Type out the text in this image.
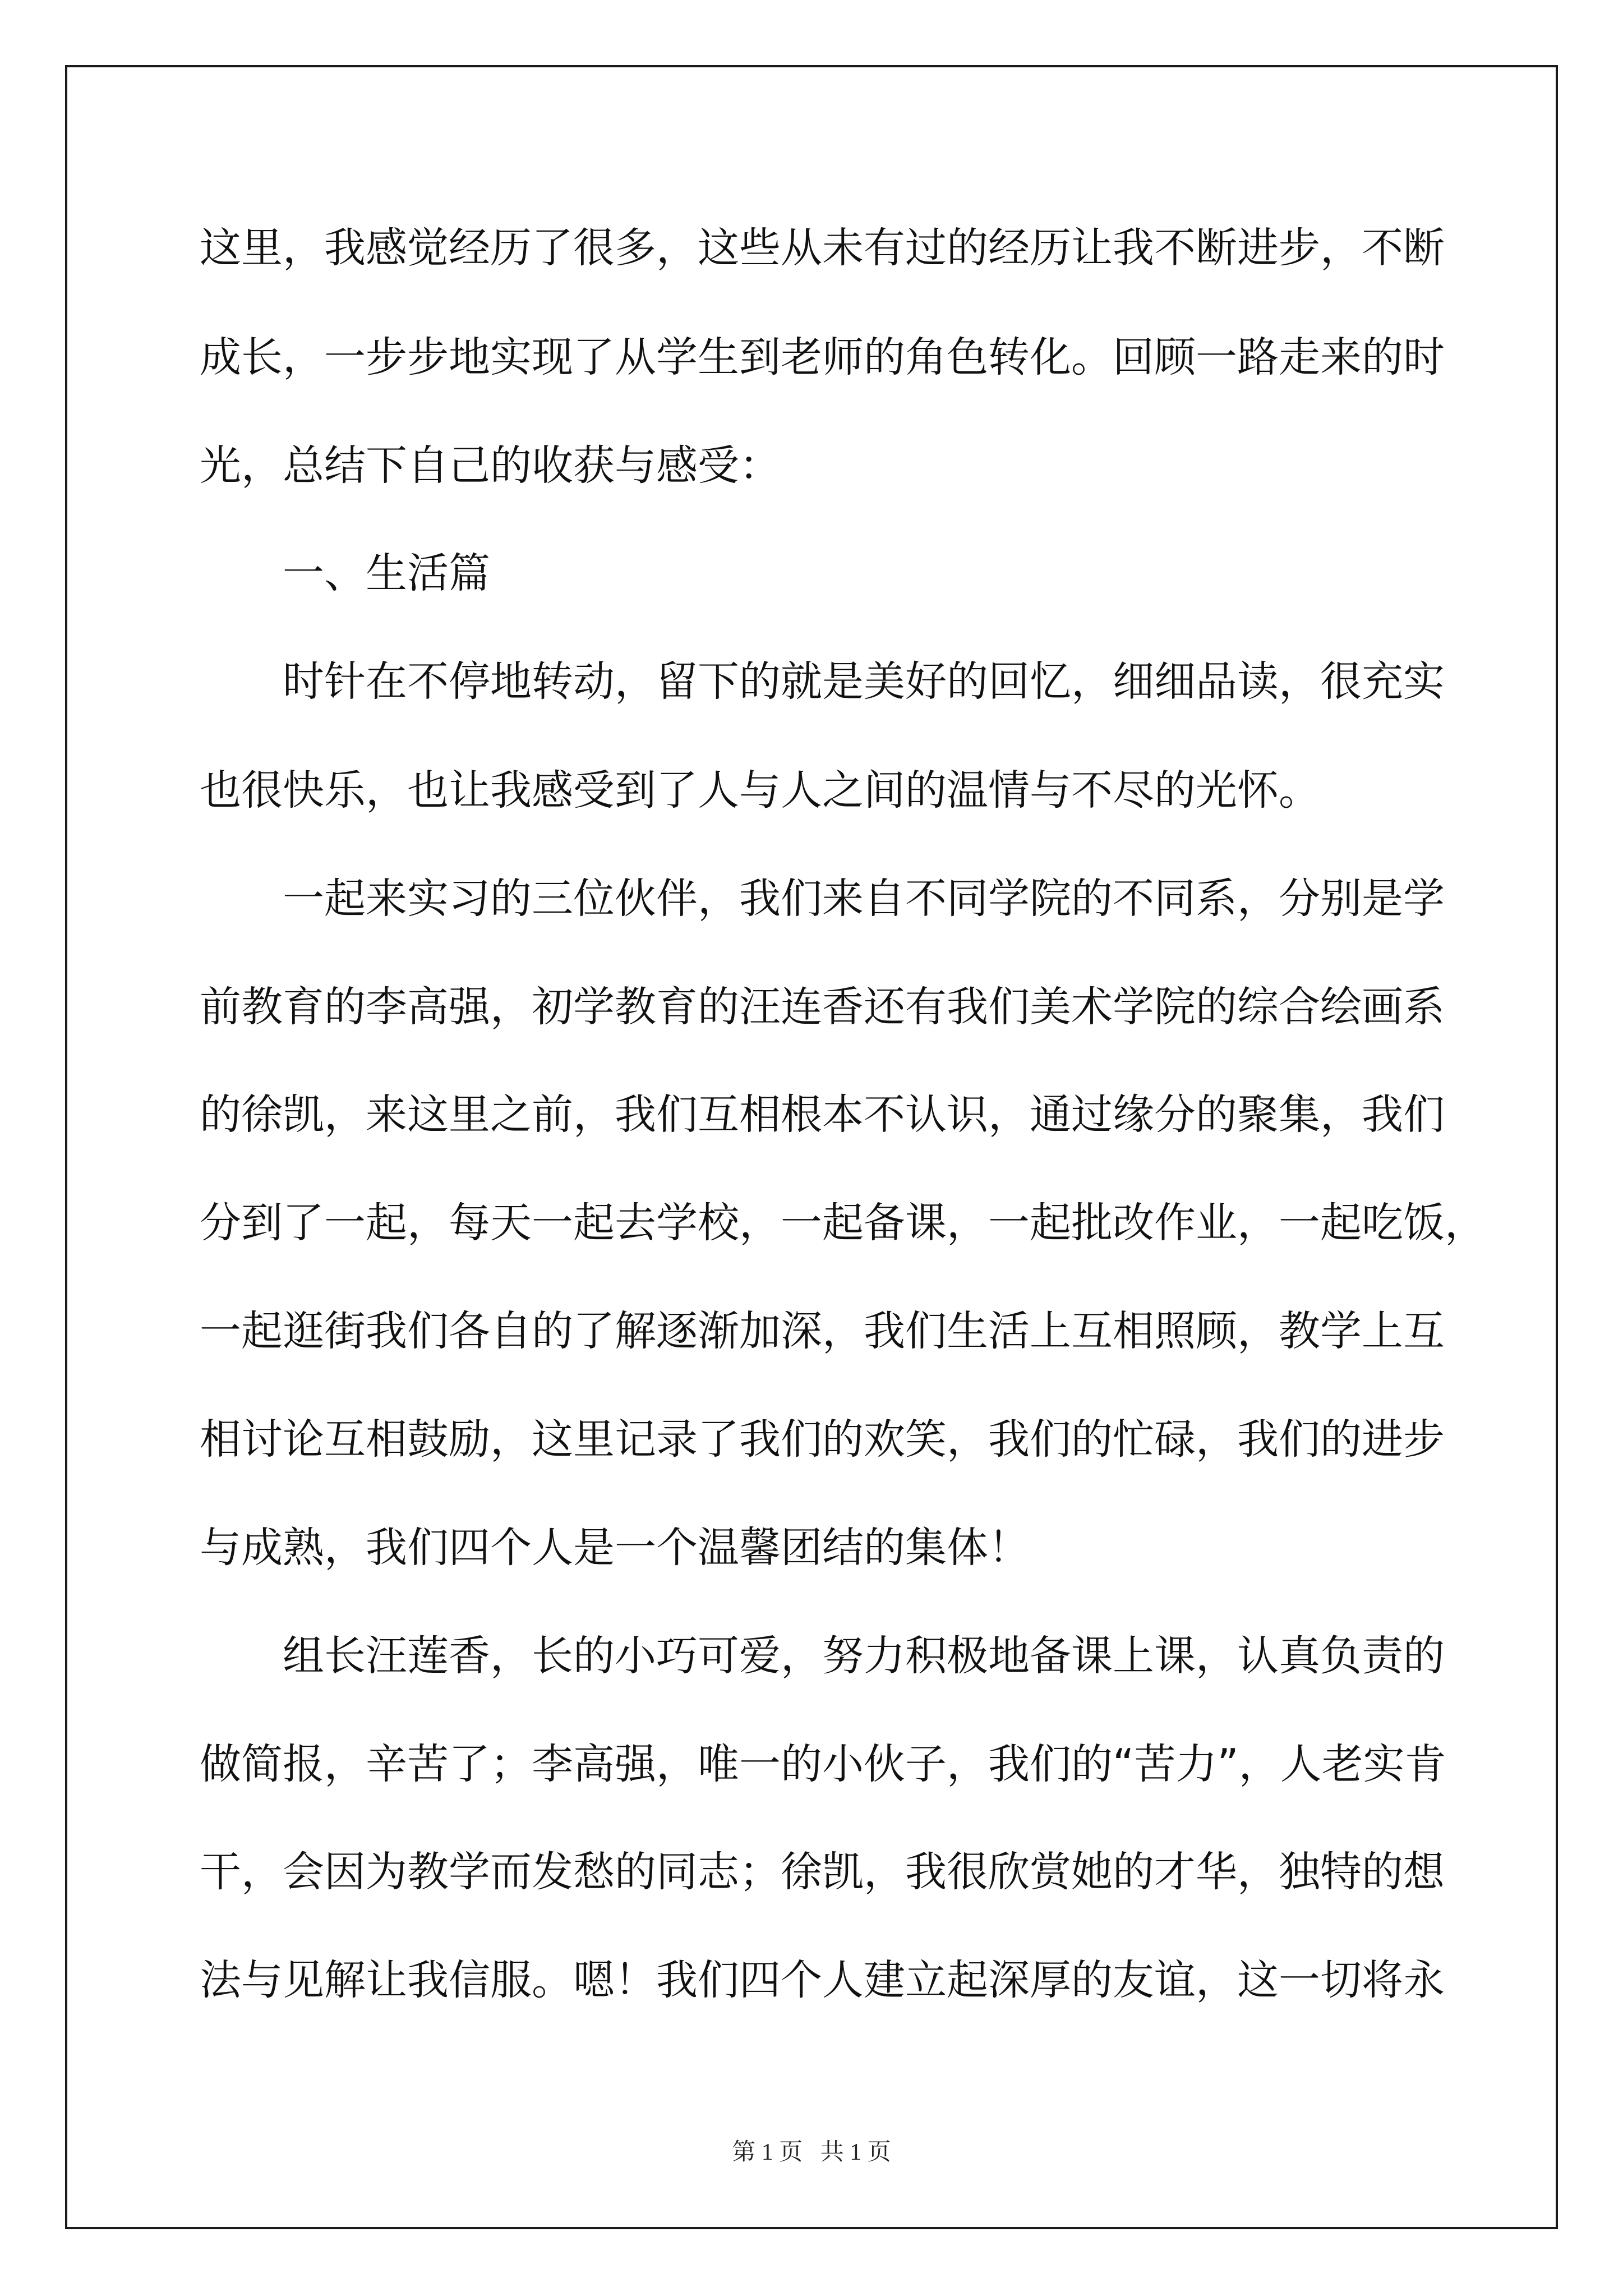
这里，我感觉经历了很多，这些从未有过的经历让我不断进步，不断
成长，一步步地实现了从学生到老师的角色转化。回顾一路走来的时
光，总结下自己的收获与感受：
一、生活篇
时针在不停地转动，留下的就是美好的回忆，细细品读，很充实
也很快乐，也让我感受到了人与人之间的温情与不尽的光怀。
一起来实习的三位伙伴，我们来自不同学院的不同系，分别是学
前教育的李高强，初学教育的汪连香还有我们美术学院的综合绘画系
的徐凯，来这里之前，我们互相根本不认识，通过缘分的聚集，我们
分到了一起，每天一起去学校，一起备课，一起批改作业，一起吃饭，
一起逛街我们各自的了解逐渐加深，我们生活上互相照顾，教学上互
相讨论互相鼓励，这里记录了我们的欢笑，我们的忙碌，我们的进步
与成熟，我们四个人是一个温馨团结的集体！
组长汪莲香，长的小巧可爱，努力积极地备课上课，认真负责的
做简报，辛苦了；李高强，唯一的小伙子，我们的“苦力”，人老实肯
干，会因为教学而发愁的同志；徐凯，我很欣赏她的才华，独特的想
法与见解让我信服。嗯！我们四个人建立起深厚的友谊，这一切将永
第 1 页   共 1 页
